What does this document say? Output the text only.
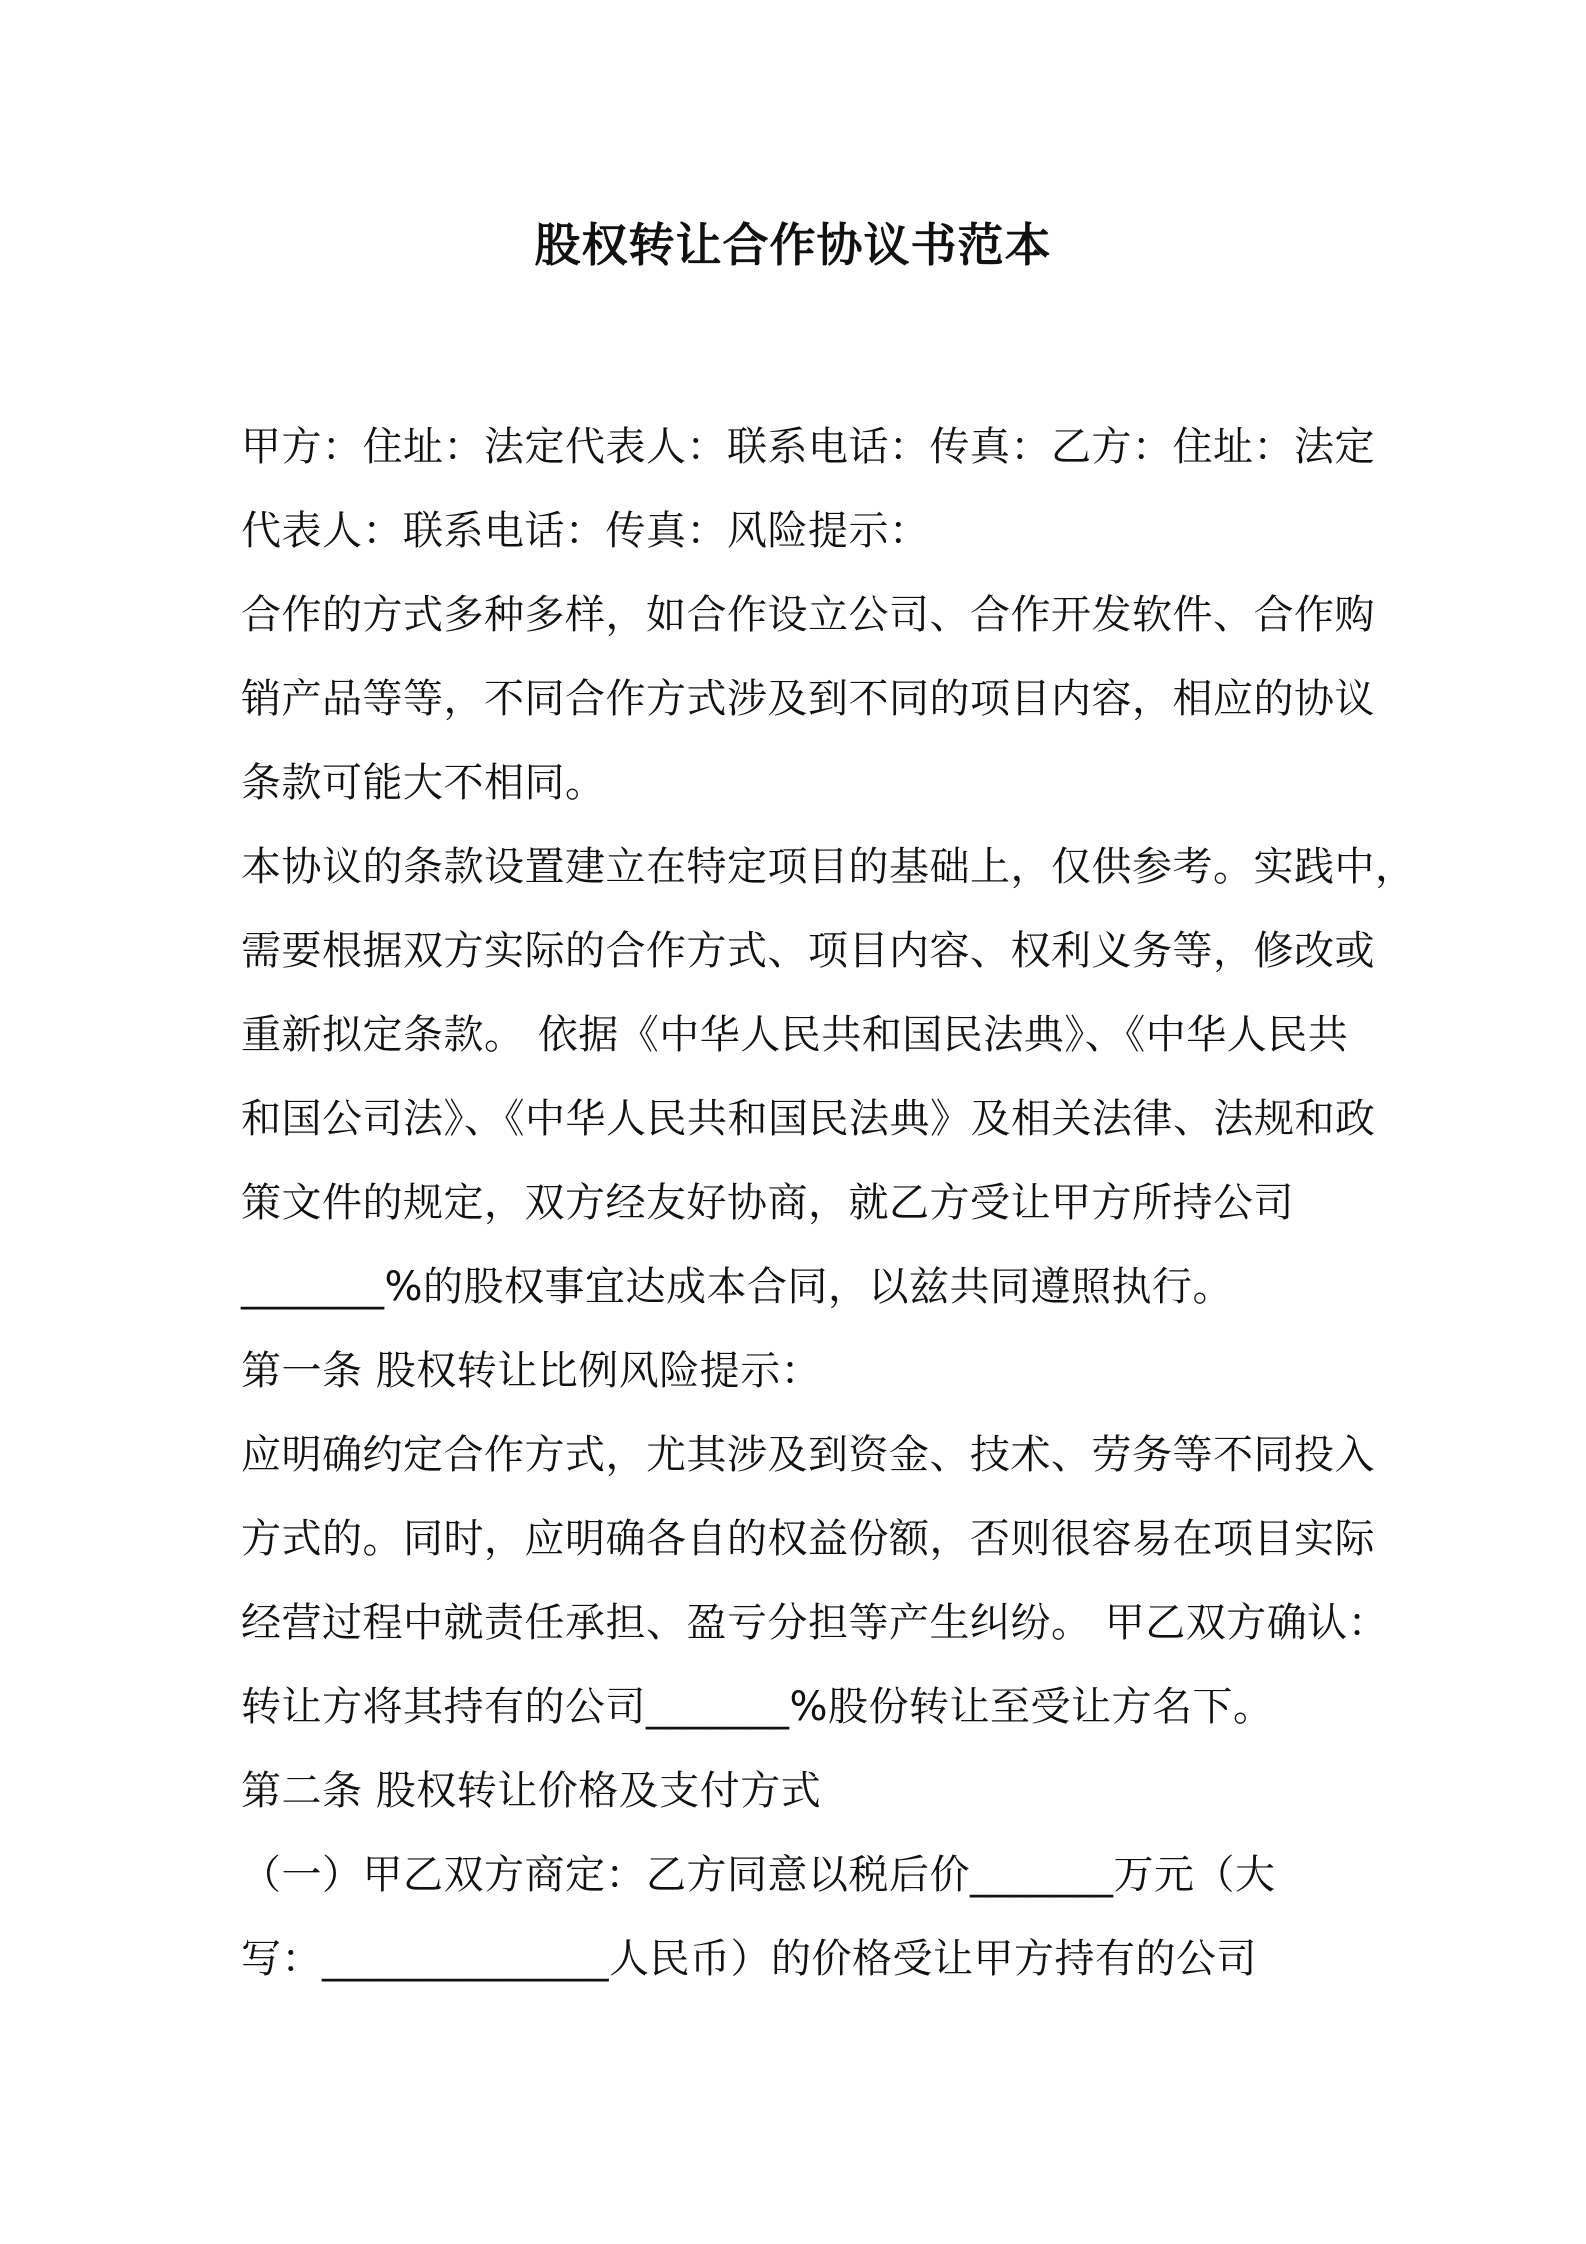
股权转让合作协议书范本
甲方：住址：法定代表人：联系电话：传真：乙方：住址：法定
代表人：联系电话：传真：风险提示：
合作的方式多种多样，如合作设立公司、合作开发软件、合作购
销产品等等，不同合作方式涉及到不同的项目内容，相应的协议
条款可能大不相同。
本协议的条款设置建立在特定项目的基础上，仅供参考。实践中，
需要根据双方实际的合作方式、项目内容、权利义务等，修改或
重新拟定条款。 依据《中华人民共和国民法典》、《中华人民共
和国公司法》、《中华人民共和国民法典》及相关法律、法规和政
策文件的规定，双方经友好协商，就乙方受让甲方所持公司
_______%的股权事宜达成本合同，以兹共同遵照执行。
第一条 股权转让比例风险提示：
应明确约定合作方式，尤其涉及到资金、技术、劳务等不同投入
方式的。同时，应明确各自的权益份额，否则很容易在项目实际
经营过程中就责任承担、盈亏分担等产生纠纷。 甲乙双方确认：
转让方将其持有的公司_______%股份转让至受让方名下。
第二条 股权转让价格及支付方式
（一）甲乙双方商定：乙方同意以税后价_______万元（大
写：______________人民币）的价格受让甲方持有的公司
